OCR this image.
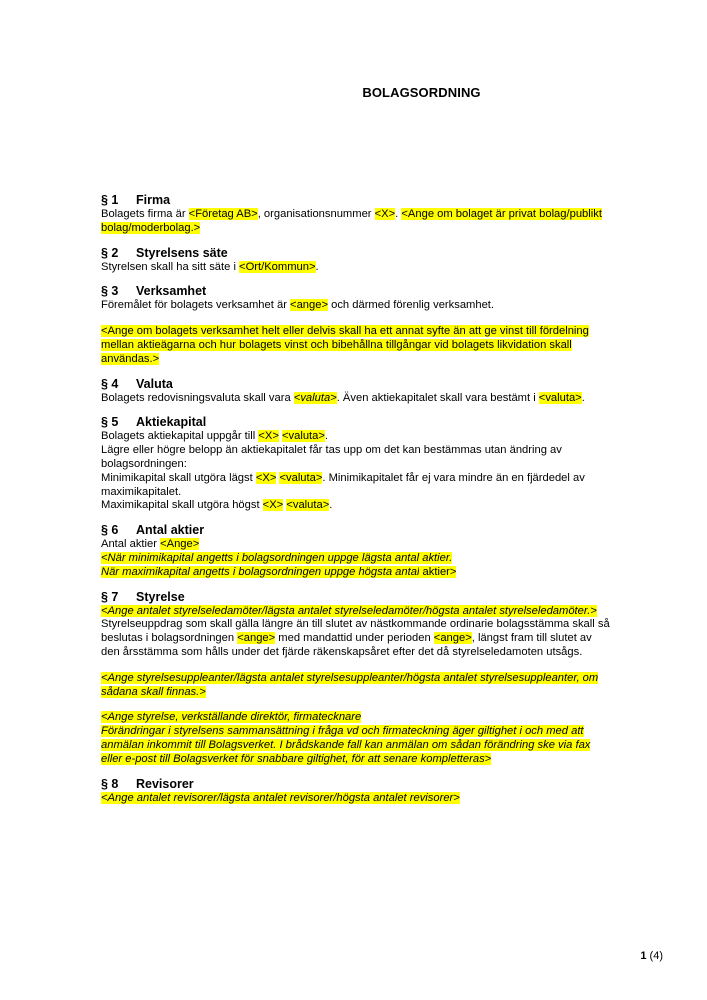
BOLAGSORDNING
§ 1 Firma
Bolagets firma är <Företag AB>, organisationsnummer <X>. <Ange om bolaget är privat bolag/publikt bolag/moderbolag.>
§ 2 Styrelsens säte
Styrelsen skall ha sitt säte i <Ort/Kommun>.
§ 3 Verksamhet
Föremålet för bolagets verksamhet är <ange> och därmed förenlig verksamhet.
<Ange om bolagets verksamhet helt eller delvis skall ha ett annat syfte än att ge vinst till fördelning mellan aktieägarna och hur bolagets vinst och bibehållna tillgångar vid bolagets likvidation skall användas.>
§ 4 Valuta
Bolagets redovisningsvaluta skall vara <valuta>. Även aktiekapitalet skall vara bestämt i <valuta>.
§ 5 Aktiekapital
Bolagets aktiekapital uppgår till <X> <valuta>.
Lägre eller högre belopp än aktiekapitalet får tas upp om det kan bestämmas utan ändring av bolagsordningen:
Minimikapital skall utgöra lägst <X> <valuta>. Minimikapitalet får ej vara mindre än en fjärdedel av maximikapitalet.
Maximikapital skall utgöra högst <X> <valuta>.
§ 6 Antal aktier
Antal aktier <Ange>
<När minimikapital angetts i bolagsordningen uppge lägsta antal aktier.
När maximikapital angetts i bolagsordningen uppge högsta antal aktier>
§ 7 Styrelse
<Ange antalet styrelseledamöter/lägsta antalet styrelseledamöter/högsta antalet styrelseledamöter.>
Styrelseuppdrag som skall gälla längre än till slutet av nästkommande ordinarie bolagsstämma skall så beslutas i bolagsordningen <ange> med mandattid under perioden <ange>, längst fram till slutet av den årsstämma som hålls under det fjärde räkenskapsåret efter det då styrelseledamoten utsågs.
<Ange styrelsesuppleanter/lägsta antalet styrelsesuppleanter/högsta antalet styrelsesuppleanter, om sådana skall finnas.>
<Ange styrelse, verkställande direktör, firmatecknare
Förändringar i styrelsens sammansättning i fråga vd och firmateckning äger giltighet i och med att anmälan inkommit till Bolagsverket. I brådskande fall kan anmälan om sådan förändring ske via fax eller e-post till Bolagsverket för snabbare giltighet, för att senare kompletteras>
§ 8 Revisorer
<Ange antalet revisorer/lägsta antalet revisorer/högsta antalet revisorer>
1 (4)
